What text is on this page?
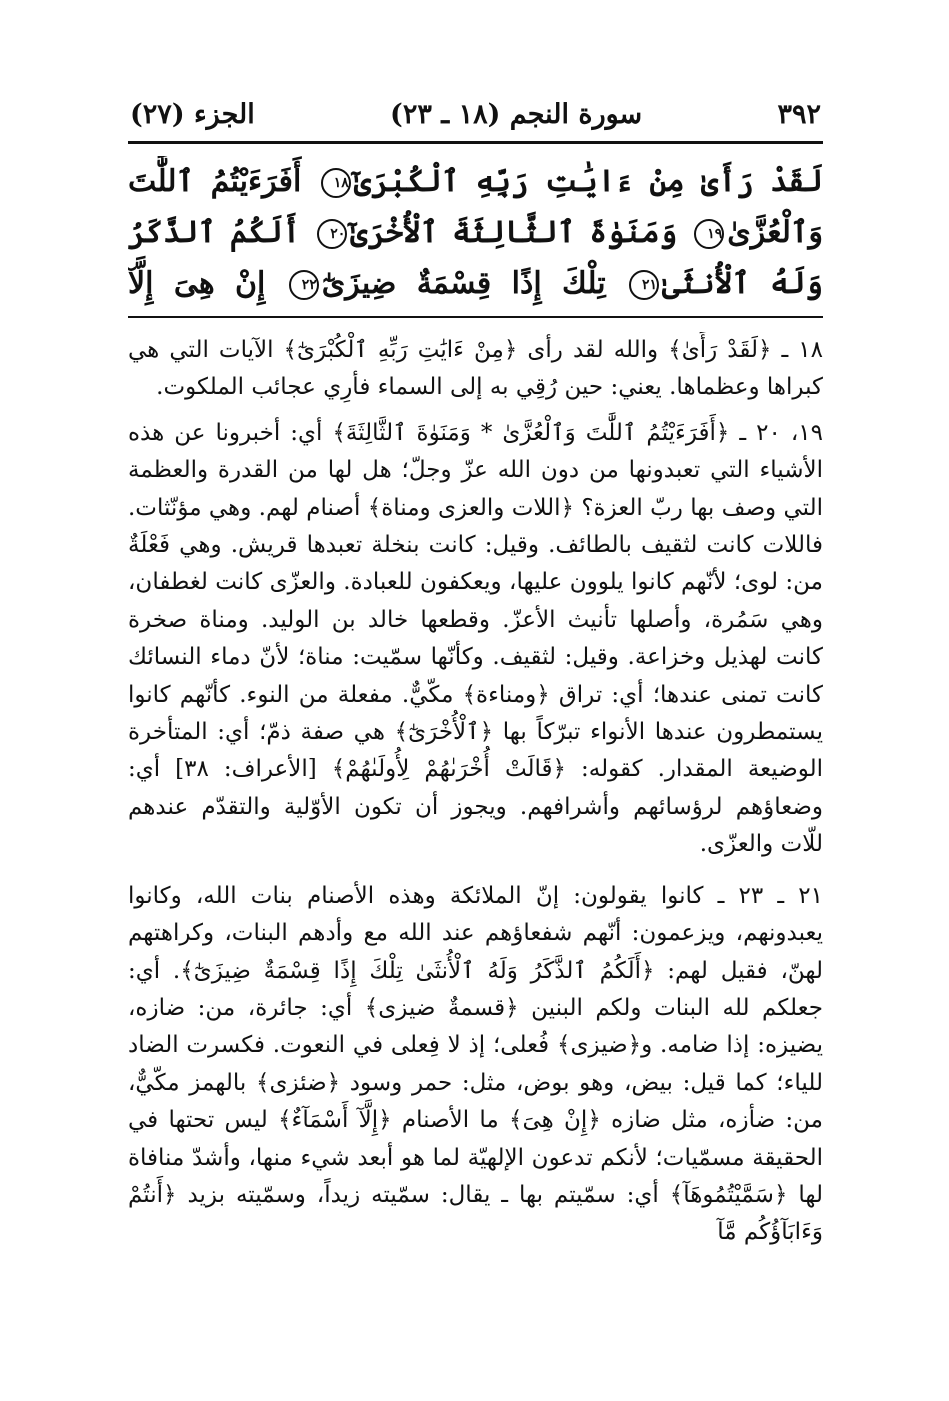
٣٩٢
سورة النجم (١٨ ـ ٢٣)
الجزء (٢٧)
لَقَدْ رَأَىٰ مِنْ ءَايَٰتِ رَبِّهِ ٱلْكُبْرَىٰٓ١٨ أَفَرَءَيْتُمُ ٱللَّٰتَ وَٱلْعُزَّىٰ١٩ وَمَنَوٰةَ ٱلثَّالِثَةَ ٱلْأُخْرَىٰٓ٢٠ أَلَكُمُ ٱلذَّكَرُ وَلَهُ ٱلْأُنثَىٰ٢١ تِلْكَ إِذًا قِسْمَةٌ ضِيزَىٰٓ٢٢ إِنْ هِىَ إِلَّآ

١٨ ـ ﴿لَقَدْ رَأَىٰ﴾ والله لقد رأى ﴿مِنْ ءَايَٰتِ رَبِّهِ ٱلْكُبْرَىٰٓ﴾ الآيات التي هي كبراها وعظماها. يعني: حين رُقِي به إلى السماء فأرِي عجائب الملكوت.

١٩، ٢٠ ـ ﴿أَفَرَءَيْتُمُ ٱللَّٰتَ وَٱلْعُزَّىٰ * وَمَنَوٰةَ ٱلثَّالِثَةَ﴾ أي: أخبرونا عن هذه الأشياء التي تعبدونها من دون الله عزّ وجلّ؛ هل لها من القدرة والعظمة التي وصف بها ربّ العزة؟ ﴿اللات والعزى ومناة﴾ أصنام لهم. وهي مؤنّثات. فاللات كانت لثقيف بالطائف. وقيل: كانت بنخلة تعبدها قريش. وهي فَعْلَةٌ من: لوى؛ لأنّهم كانوا يلوون عليها، ويعكفون للعبادة. والعزّى كانت لغطفان، وهي سَمُرة، وأصلها تأنيث الأعزّ. وقطعها خالد بن الوليد. ومناة صخرة كانت لهذيل وخزاعة. وقيل: لثقيف. وكأنّها سمّيت: مناة؛ لأنّ دماء النسائك كانت تمنى عندها؛ أي: تراق ﴿ومناءة﴾ مكّيٌّ. مفعلة من النوء. كأنّهم كانوا يستمطرون عندها الأنواء تبرّكاً بها ﴿ٱلْأُخْرَىٰٓ﴾ هي صفة ذمّ؛ أي: المتأخرة الوضيعة المقدار. كقوله: ﴿قَالَتْ أُخْرَىٰهُمْ لِأُولَىٰهُمْ﴾ [الأعراف: ٣٨] أي: وضعاؤهم لرؤسائهم وأشرافهم. ويجوز أن تكون الأوّلية والتقدّم عندهم للّات والعزّى.

٢١ ـ ٢٣ ـ كانوا يقولون: إنّ الملائكة وهذه الأصنام بنات الله، وكانوا يعبدونهم، ويزعمون: أنّهم شفعاؤهم عند الله مع وأدهم البنات، وكراهتهم لهنّ، فقيل لهم: ﴿أَلَكُمُ ٱلذَّكَرُ وَلَهُ ٱلْأُنثَىٰ تِلْكَ إِذًا قِسْمَةٌ ضِيزَىٰٓ﴾. أي: جعلكم لله البنات ولكم البنين ﴿قسمةٌ ضيزى﴾ أي: جائرة، من: ضازه، يضيزه: إذا ضامه. و﴿ضيزى﴾ فُعلى؛ إذ لا فِعلى في النعوت. فكسرت الضاد للياء؛ كما قيل: بيض، وهو بوض، مثل: حمر وسود ﴿ضئزى﴾ بالهمز مكّيٌّ، من: ضأزه، مثل ضازه ﴿إِنْ هِىَ﴾ ما الأصنام ﴿إِلَّآ أَسْمَآءٌ﴾ ليس تحتها في الحقيقة مسمّيات؛ لأنكم تدعون الإلهيّة لما هو أبعد شيء منها، وأشدّ منافاة لها ﴿سَمَّيْتُمُوهَآ﴾ أي: سمّيتم بها ـ يقال: سمّيته زيداً، وسمّيته بزيد ﴿أَنتُمْ وَءَابَآؤُكُم مَّآ
